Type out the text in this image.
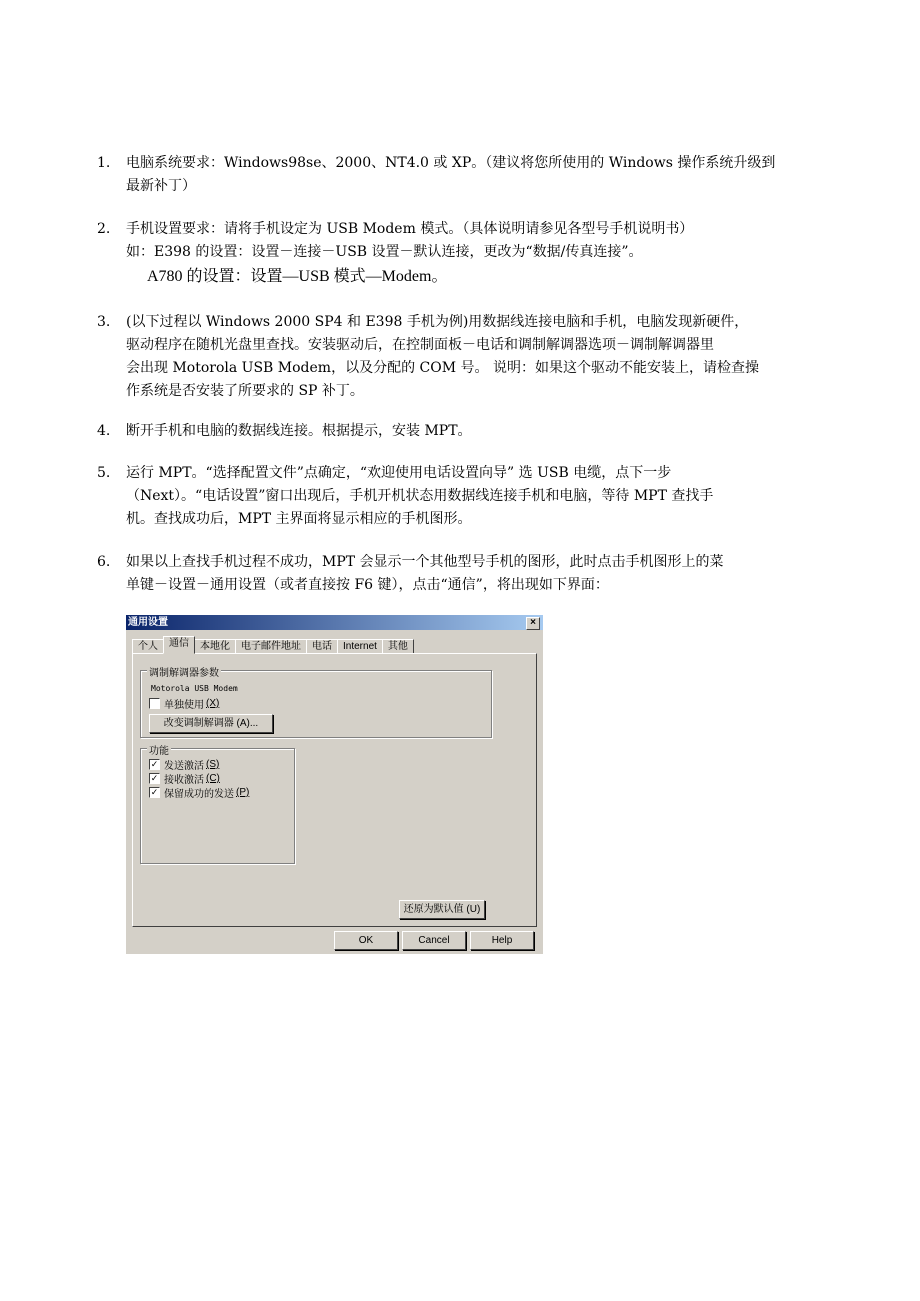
1. 电脑系统要求：Windows98se、2000、NT4.0 或 XP。（建议将您所使用的 Windows 操作系统升级到
最新补丁）
2. 手机设置要求：请将手机设定为 USB Modem 模式。（具体说明请参见各型号手机说明书）
如：E398 的设置：设置－连接－USB 设置－默认连接，更改为“数据/传真连接”。
A780 的设置：设置—USB 模式—Modem。
3. (以下过程以 Windows 2000 SP4 和 E398 手机为例)用数据线连接电脑和手机，电脑发现新硬件，
驱动程序在随机光盘里查找。安装驱动后，在控制面板－电话和调制解调器选项－调制解调器里
会出现 Motorola USB Modem，以及分配的 COM 号。 说明：如果这个驱动不能安装上，请检查操
作系统是否安装了所要求的 SP 补丁。
4. 断开手机和电脑的数据线连接。根据提示，安装 MPT。
5. 运行 MPT。“选择配置文件”点确定，“欢迎使用电话设置向导” 选 USB 电缆，点下一步
（Next）。“电话设置”窗口出现后，手机开机状态用数据线连接手机和电脑，等待 MPT 查找手
机。查找成功后，MPT 主界面将显示相应的手机图形。
6. 如果以上查找手机过程不成功，MPT 会显示一个其他型号手机的图形，此时点击手机图形上的菜
单键－设置－通用设置（或者直接按 F6 键），点击“通信”，将出现如下界面：
通用设置	×
个人	通信	本地化	电子邮件地址	电话	Internet	其他
调制解调器参数
Motorola USB Modem
单独使用 (X)
改变调制解调器 (A)...
功能
✓ 发送激活 (S)
✓ 接收激活 (C)
✓ 保留成功的发送 (P)
还原为默认值 (U)
OK	Cancel	Help
